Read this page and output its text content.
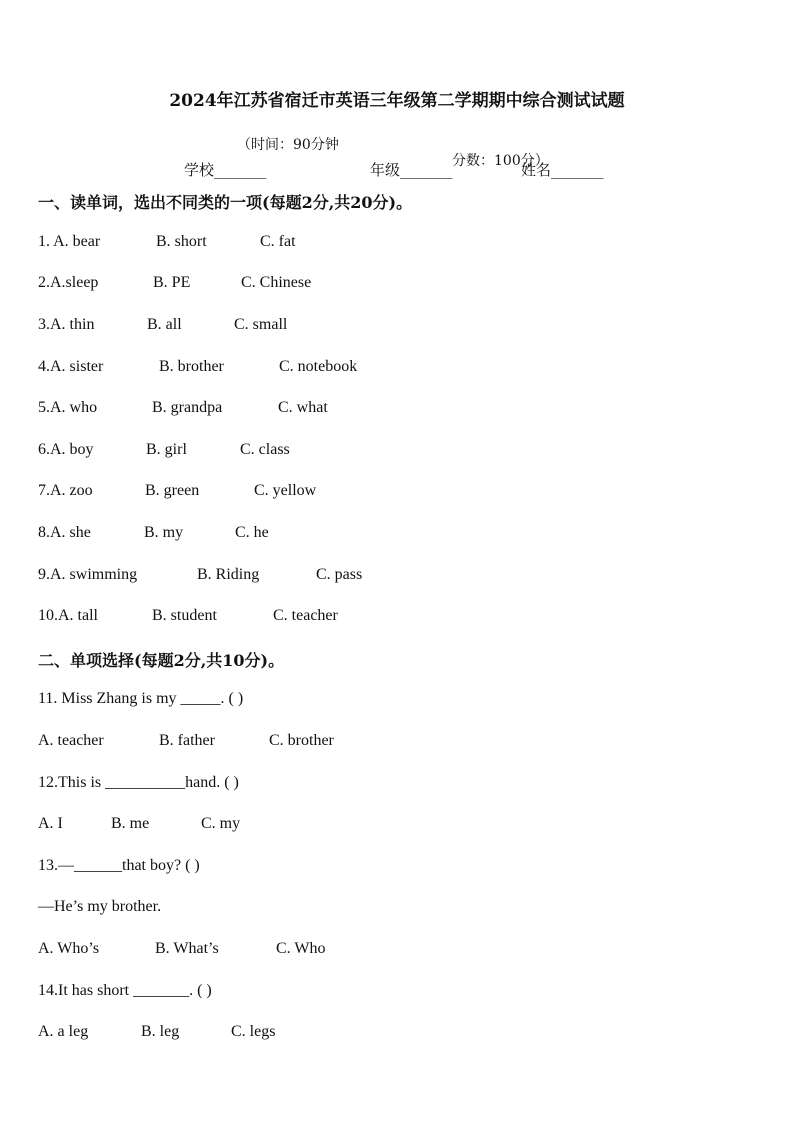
2024年江苏省宿迁市英语三年级第二学期期中综合测试试题

（时间：90分钟

分数：100分）

学校_______	年级_______	姓名_______
一、读单词，选出不同类的一项(每题2分,共20分)。
1. A. bear	B. short	C. fat
2.A.sleep	B. PE	C. Chinese
3.A. thin	B. all	C. small
4.A. sister	B. brother	C. notebook
5.A. who	B. grandpa	C. what
6.A. boy	B. girl	C. class
7.A. zoo	B. green	C. yellow
8.A. she	B. my	C. he
9.A. swimming	B. Riding	C. pass
10.A. tall	B. student	C. teacher
二、单项选择(每题2分,共10分)。
11. Miss Zhang is my _____. ( )
A. teacher	B. father	C. brother
12.This is __________hand. ( )
A. I	B. me	C. my
13.—______that boy? ( )
—He’s my brother.
A. Who’s	B. What’s	C. Who
14.It has short _______. ( )
A. a leg	B. leg	C. legs
